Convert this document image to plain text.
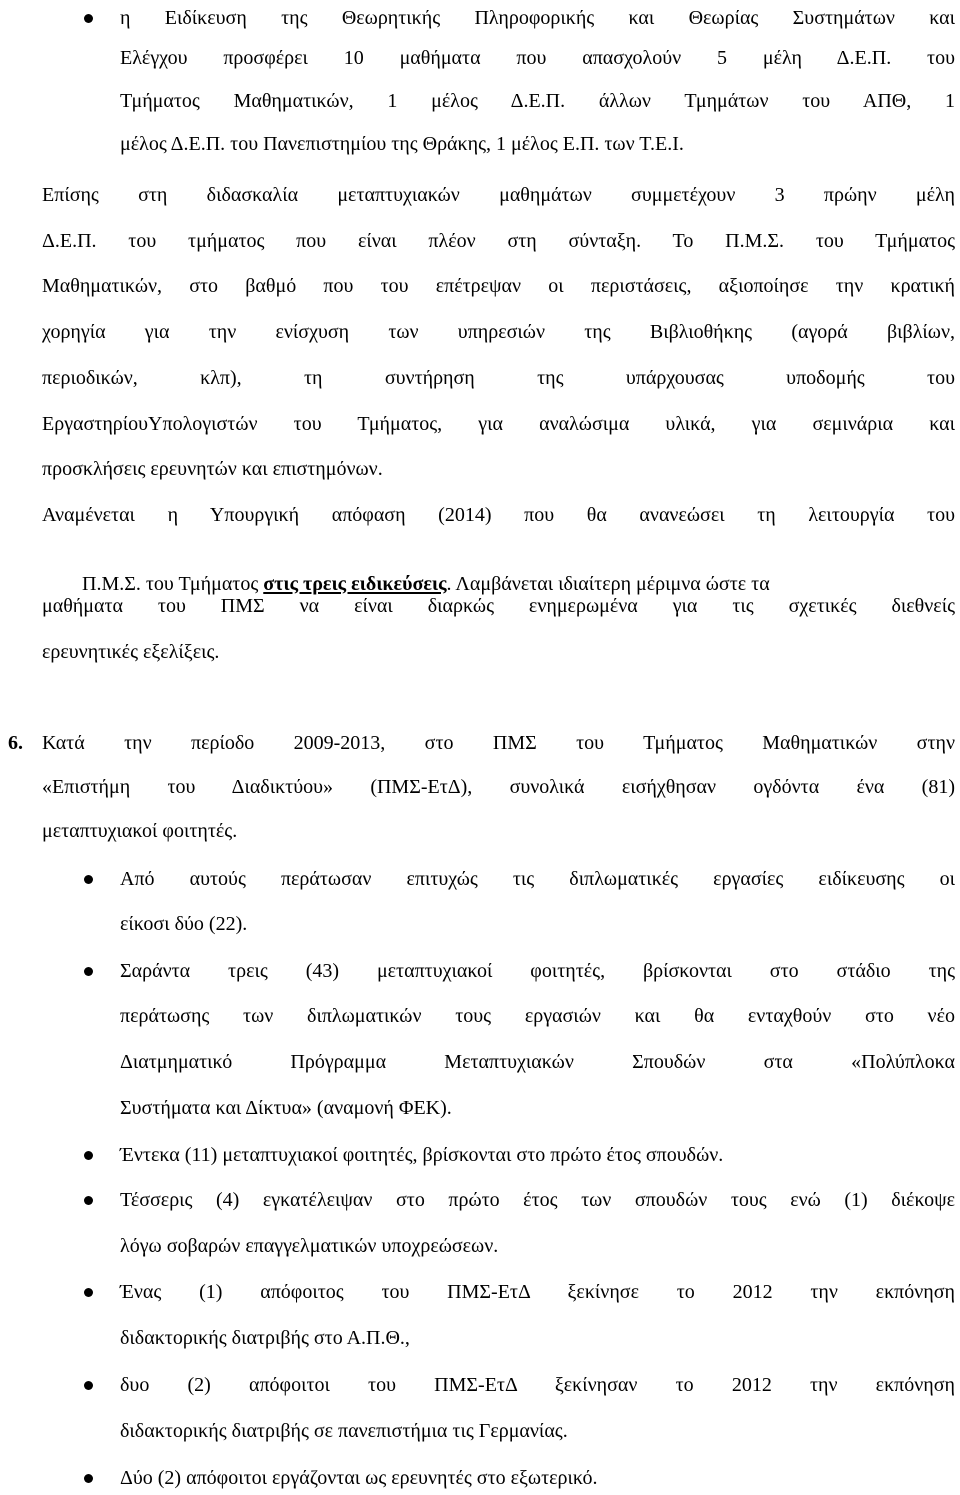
η Ειδίκευση της Θεωρητικής Πληροφορικής και Θεωρίας Συστημάτων και
Ελέγχου προσφέρει 10 μαθήματα που απασχολούν 5 μέλη Δ.Ε.Π. του
Τμήματος Μαθηματικών, 1 μέλος Δ.Ε.Π. άλλων Τμημάτων του ΑΠΘ, 1
μέλος Δ.Ε.Π. του Πανεπιστημίου της Θράκης, 1 μέλος Ε.Π. των Τ.Ε.Ι.
Επίσης στη διδασκαλία μεταπτυχιακών μαθημάτων συμμετέχουν 3 πρώην μέλη
Δ.Ε.Π. του τμήματος που είναι πλέον στη σύνταξη. Το Π.Μ.Σ. του Τμήματος
Μαθηματικών, στο βαθμό που του επέτρεψαν οι περιστάσεις, αξιοποίησε την κρατική
χορηγία για την ενίσχυση των υπηρεσιών της Βιβλιοθήκης (αγορά βιβλίων,
περιοδικών, κλπ), τη συντήρηση της υπάρχουσας υποδομής του
ΕργαστηρίουΥπολογιστών του Τμήματος, για αναλώσιμα υλικά, για σεμινάρια και
προσκλήσεις ερευνητών και επιστημόνων.
Αναμένεται η Υπουργική απόφαση (2014) που θα ανανεώσει τη λειτουργία του

Π.Μ.Σ. του Τμήματος στις τρεις ειδικεύσεις. Λαμβάνεται ιδιαίτερη μέριμνα ώστε τα

μαθήματα του ΠΜΣ να είναι διαρκώς ενημερωμένα για τις σχετικές διεθνείς
ερευνητικές εξελίξεις.
6. Κατά την περίοδο 2009-2013, στο ΠΜΣ του Τμήματος Μαθηματικών στην
«Επιστήμη του Διαδικτύου» (ΠΜΣ-ΕτΔ), συνολικά εισήχθησαν ογδόντα ένα (81)
μεταπτυχιακοί φοιτητές.
Από αυτούς περάτωσαν επιτυχώς τις διπλωματικές εργασίες ειδίκευσης οι
είκοσι δύο (22).
Σαράντα τρεις (43) μεταπτυχιακοί φοιτητές, βρίσκονται στο στάδιο της
περάτωσης των διπλωματικών τους εργασιών και θα ενταχθούν στο νέο
Διατμηματικό Πρόγραμμα Μεταπτυχιακών Σπουδών στα «Πολύπλοκα
Συστήματα και Δίκτυα» (αναμονή ΦΕΚ).
Έντεκα (11) μεταπτυχιακοί φοιτητές, βρίσκονται στο πρώτο έτος σπουδών.
Τέσσερις (4) εγκατέλειψαν στο πρώτο έτος των σπουδών τους ενώ (1) διέκοψε
λόγω σοβαρών επαγγελματικών υποχρεώσεων.
Ένας (1) απόφοιτος του ΠΜΣ-ΕτΔ ξεκίνησε το 2012 την εκπόνηση
διδακτορικής διατριβής στο Α.Π.Θ.,
δυο (2) απόφοιτοι του ΠΜΣ-ΕτΔ ξεκίνησαν το 2012 την εκπόνηση
διδακτορικής διατριβής σε πανεπιστήμια τις Γερμανίας.
Δύο (2) απόφοιτοι εργάζονται ως ερευνητές στο εξωτερικό.
